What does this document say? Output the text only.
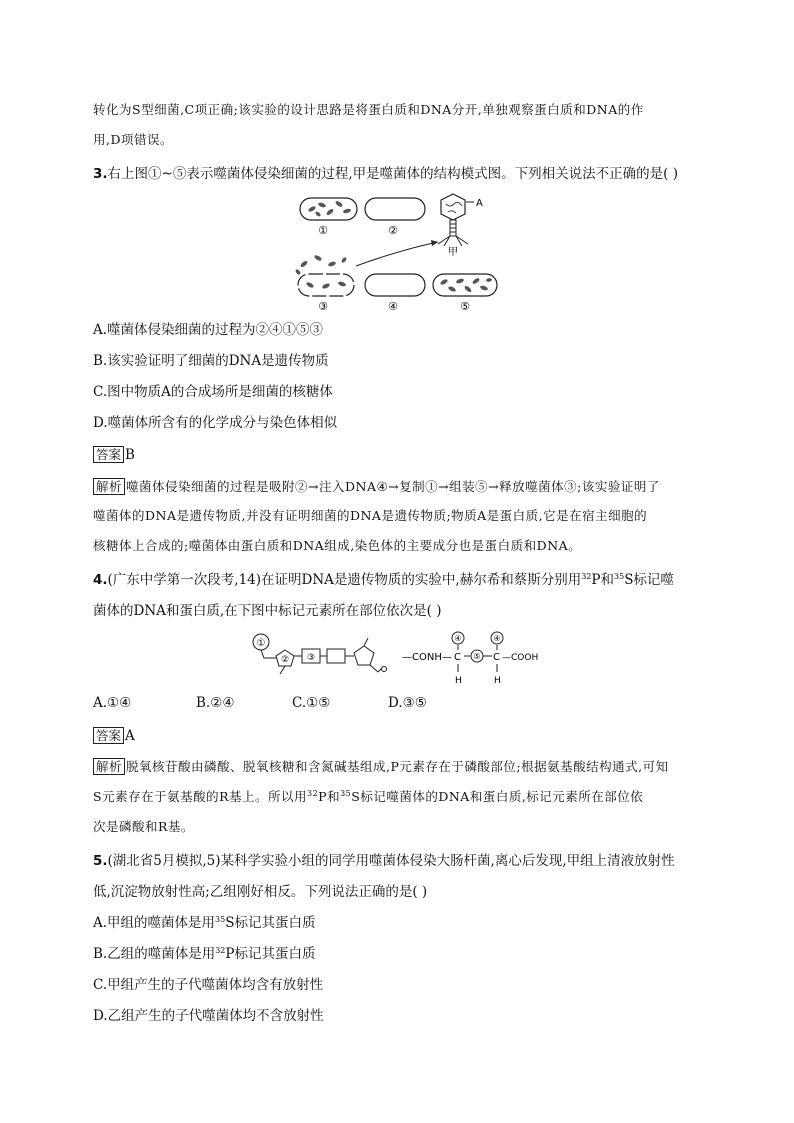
转化为S型细菌,C项正确;该实验的设计思路是将蛋白质和DNA分开,单独观察蛋白质和DNA的作
用,D项错误。
3.右上图①~⑤表示噬菌体侵染细菌的过程,甲是噬菌体的结构模式图。下列相关说法不正确的是( )
①	②
A
甲
③	④	⑤
A.噬菌体侵染细菌的过程为②④①⑤③
B.该实验证明了细菌的DNA是遗传物质
C.图中物质A的合成场所是细菌的核糖体
D.噬菌体所含有的化学成分与染色体相似
答案 B
解析 噬菌体侵染细菌的过程是吸附②→注入DNA④→复制①→组装⑤→释放噬菌体③;该实验证明了
噬菌体的DNA是遗传物质,并没有证明细菌的DNA是遗传物质;物质A是蛋白质,它是在宿主细胞的
核糖体上合成的;噬菌体由蛋白质和DNA组成,染色体的主要成分也是蛋白质和DNA。
4.(广东中学第一次段考,14)在证明DNA是遗传物质的实验中,赫尔希和蔡斯分别用$^{32}$P和$^{35}$S标记噬
菌体的DNA和蛋白质,在下图中标记元素所在部位依次是( )
①
② ③	—CONH— C
④
H
⑤ C
④
H
—COOH
A.①④	B.②④	C.①⑤	D.③⑤
答案 A
解析 脱氧核苷酸由磷酸、脱氧核糖和含氮碱基组成,P元素存在于磷酸部位;根据氨基酸结构通式,可知
S元素存在于氨基酸的R基上。所以用$^{32}$P和$^{35}$S标记噬菌体的DNA和蛋白质,标记元素所在部位依
次是磷酸和R基。
5.(湖北省5月模拟,5)某科学实验小组的同学用噬菌体侵染大肠杆菌,离心后发现,甲组上清液放射性
低,沉淀物放射性高;乙组刚好相反。下列说法正确的是( )
A.甲组的噬菌体是用$^{35}$S标记其蛋白质
B.乙组的噬菌体是用$^{32}$P标记其蛋白质
C.甲组产生的子代噬菌体均含有放射性
D.乙组产生的子代噬菌体均不含放射性
